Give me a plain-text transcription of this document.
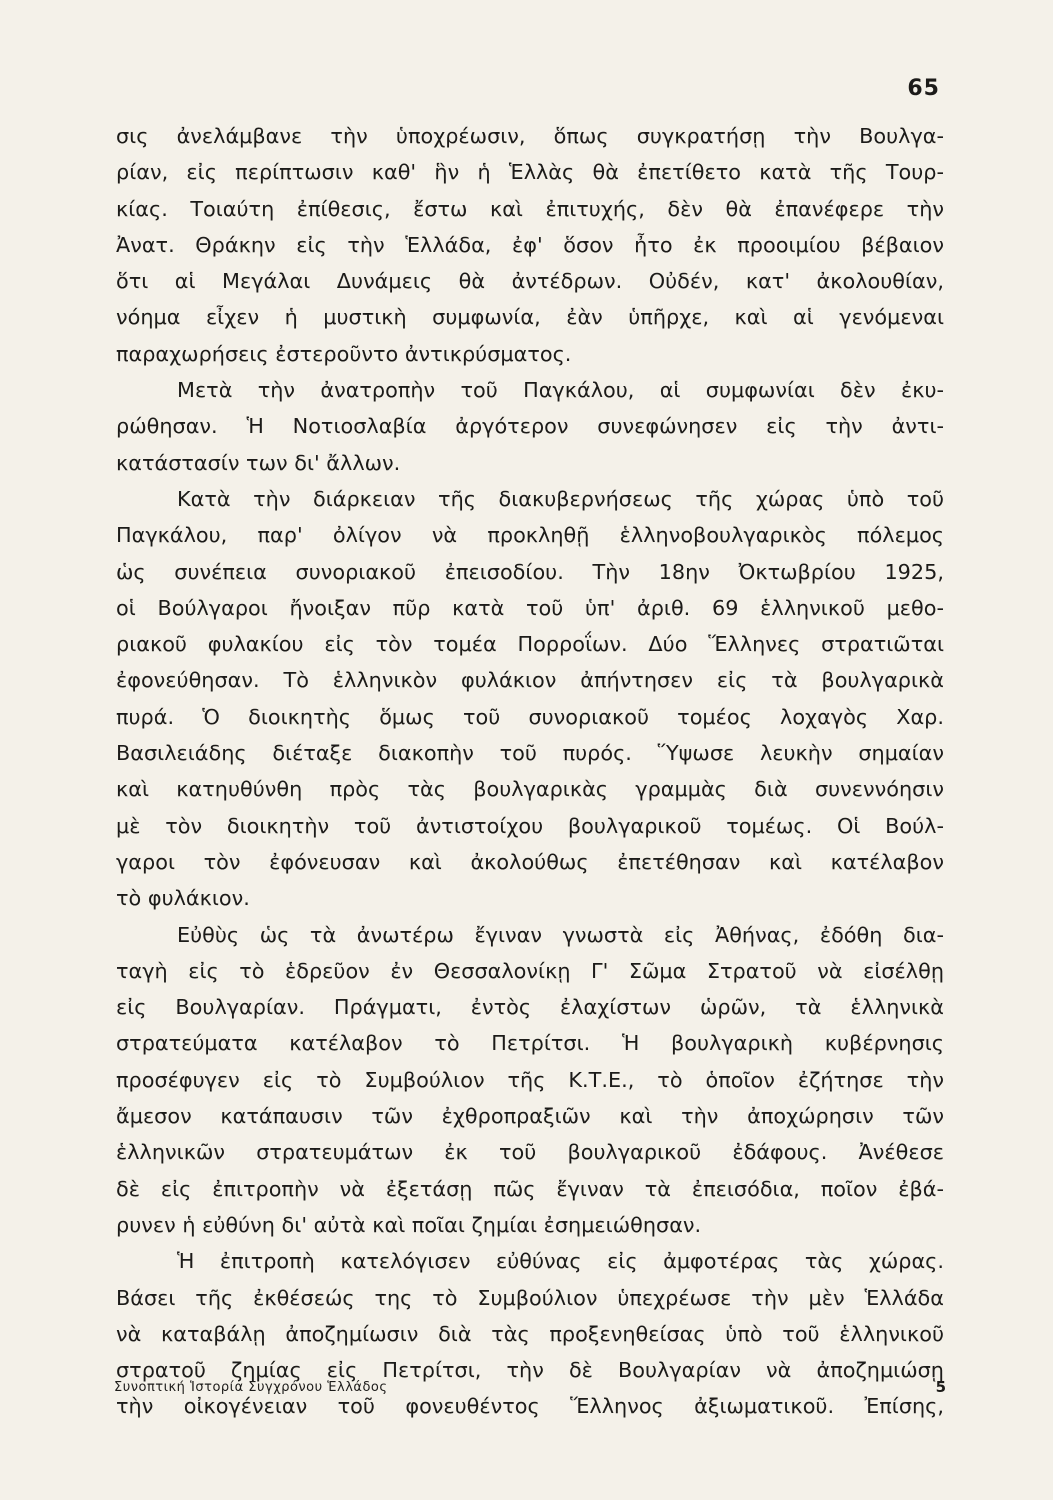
65
σις ἀνελάμβανε τὴν ὑποχρέωσιν, ὅπως συγκρατήσῃ τὴν Βουλγα-
ρίαν, εἰς περίπτωσιν καθ' ἣν ἡ Ἑλλὰς θὰ ἐπετίθετο κατὰ τῆς Τουρ-
κίας. Τοιαύτη ἐπίθεσις, ἔστω καὶ ἐπιτυχής, δὲν θὰ ἐπανέφερε τὴν
Ἀνατ. Θράκην εἰς τὴν Ἑλλάδα, ἐφ' ὅσον ἦτο ἐκ προοιμίου βέβαιον
ὅτι αἱ Μεγάλαι Δυνάμεις θὰ ἀντέδρων. Οὐδέν, κατ' ἀκολουθίαν,
νόημα εἶχεν ἡ μυστικὴ συμφωνία, ἐὰν ὑπῆρχε, καὶ αἱ γενόμεναι
παραχωρήσεις ἐστεροῦντο ἀντικρύσματος.
Μετὰ τὴν ἀνατροπὴν τοῦ Παγκάλου, αἱ συμφωνίαι δὲν ἐκυ-
ρώθησαν. Ἡ Νοτιοσλαβία ἀργότερον συνεφώνησεν εἰς τὴν ἀντι-
κατάστασίν των δι' ἄλλων.
Κατὰ τὴν διάρκειαν τῆς διακυβερνήσεως τῆς χώρας ὑπὸ τοῦ
Παγκάλου, παρ' ὀλίγον νὰ προκληθῇ ἑλληνοβουλγαρικὸς πόλεμος
ὡς συνέπεια συνοριακοῦ ἐπεισοδίου. Τὴν 18ην Ὀκτωβρίου 1925,
οἱ Βούλγαροι ἤνοιξαν πῦρ κατὰ τοῦ ὑπ' ἀριθ. 69 ἑλληνικοῦ μεθο-
ριακοῦ φυλακίου εἰς τὸν τομέα Πορροΐων. Δύο Ἕλληνες στρατιῶται
ἐφονεύθησαν. Τὸ ἑλληνικὸν φυλάκιον ἀπήντησεν εἰς τὰ βουλγαρικὰ
πυρά. Ὁ διοικητὴς ὅμως τοῦ συνοριακοῦ τομέος λοχαγὸς Χαρ.
Βασιλειάδης διέταξε διακοπὴν τοῦ πυρός. Ὕψωσε λευκὴν σημαίαν
καὶ κατηυθύνθη πρὸς τὰς βουλγαρικὰς γραμμὰς διὰ συνεννόησιν
μὲ τὸν διοικητὴν τοῦ ἀντιστοίχου βουλγαρικοῦ τομέως. Οἱ Βούλ-
γαροι τὸν ἐφόνευσαν καὶ ἀκολούθως ἐπετέθησαν καὶ κατέλαβον
τὸ φυλάκιον.
Εὐθὺς ὡς τὰ ἀνωτέρω ἔγιναν γνωστὰ εἰς Ἀθήνας, ἐδόθη δια-
ταγὴ εἰς τὸ ἑδρεῦον ἐν Θεσσαλονίκῃ Γ' Σῶμα Στρατοῦ νὰ εἰσέλθῃ
εἰς Βουλγαρίαν. Πράγματι, ἐντὸς ἐλαχίστων ὡρῶν, τὰ ἑλληνικὰ
στρατεύματα κατέλαβον τὸ Πετρίτσι. Ἡ βουλγαρικὴ κυβέρνησις
προσέφυγεν εἰς τὸ Συμβούλιον τῆς Κ.Τ.Ε., τὸ ὁποῖον ἐζήτησε τὴν
ἄμεσον κατάπαυσιν τῶν ἐχθροπραξιῶν καὶ τὴν ἀποχώρησιν τῶν
ἑλληνικῶν στρατευμάτων ἐκ τοῦ βουλγαρικοῦ ἐδάφους. Ἀνέθεσε
δὲ εἰς ἐπιτροπὴν νὰ ἐξετάσῃ πῶς ἔγιναν τὰ ἐπεισόδια, ποῖον ἐβά-
ρυνεν ἡ εὐθύνη δι' αὐτὰ καὶ ποῖαι ζημίαι ἐσημειώθησαν.
Ἡ ἐπιτροπὴ κατελόγισεν εὐθύνας εἰς ἀμφοτέρας τὰς χώρας.
Βάσει τῆς ἐκθέσεώς της τὸ Συμβούλιον ὑπεχρέωσε τὴν μὲν Ἑλλάδα
νὰ καταβάλῃ ἀποζημίωσιν διὰ τὰς προξενηθείσας ὑπὸ τοῦ ἑλληνικοῦ
στρατοῦ ζημίας εἰς Πετρίτσι, τὴν δὲ Βουλγαρίαν νὰ ἀποζημιώσῃ
τὴν οἰκογένειαν τοῦ φονευθέντος Ἕλληνος ἀξιωματικοῦ. Ἐπίσης,
Συνοπτική Ἱστορία Συγχρόνου Ἑλλάδος	5
